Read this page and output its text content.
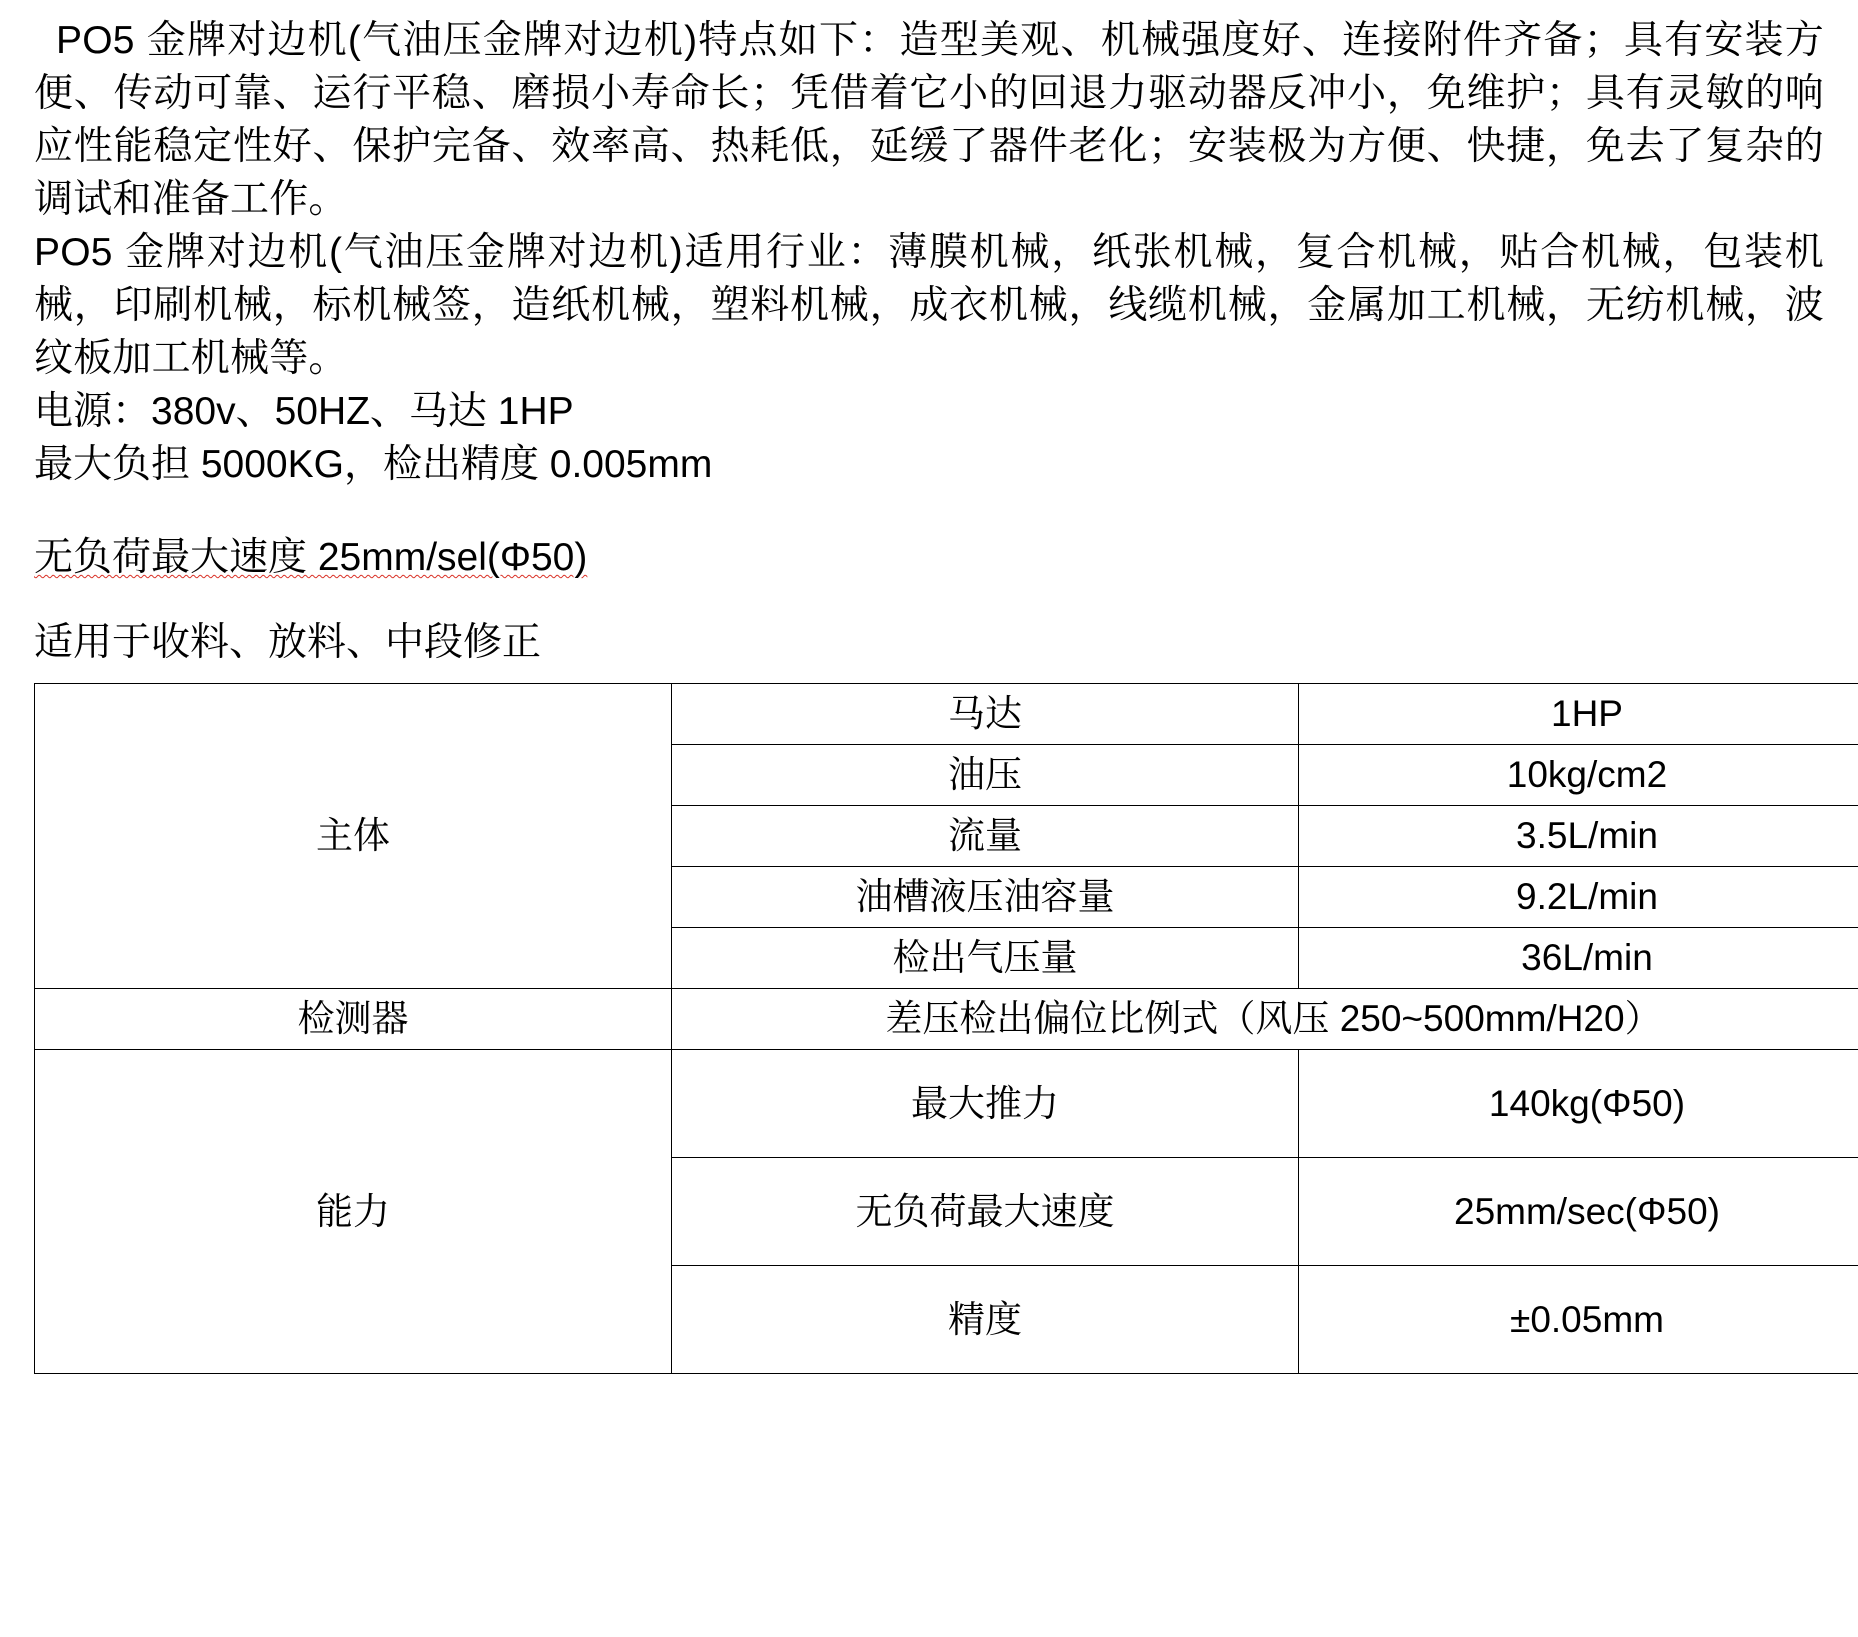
PO5 金牌对边机(气油压金牌对边机)特点如下：造型美观、机械强度好、连接附件齐备；具有安装方便、传动可靠、运行平稳、磨损小寿命长；凭借着它小的回退力驱动器反冲小，免维护；具有灵敏的响应性能稳定性好、保护完备、效率高、热耗低，延缓了器件老化；安装极为方便、快捷，免去了复杂的调试和准备工作。

PO5 金牌对边机(气油压金牌对边机)适用行业：薄膜机械，纸张机械，复合机械，贴合机械，包装机械，印刷机械，标机械签，造纸机械，塑料机械，成衣机械，线缆机械，金属加工机械，无纺机械，波纹板加工机械等。

电源：380v、50HZ、马达 1HP

最大负担 5000KG，检出精度 0.005mm

无负荷最大速度 25mm/sel(Φ50)

适用于收料、放料、中段修正

主体	马达	1HP
	油压	10kg/cm2
	流量	3.5L/min
	油槽液压油容量	9.2L/min
	检出气压量	36L/min
检测器	差压检出偏位比例式（风压 250~500mm/H20）	
能力	最大推力	140kg(Φ50)
	无负荷最大速度	25mm/sec(Φ50)
	精度	±0.05mm
